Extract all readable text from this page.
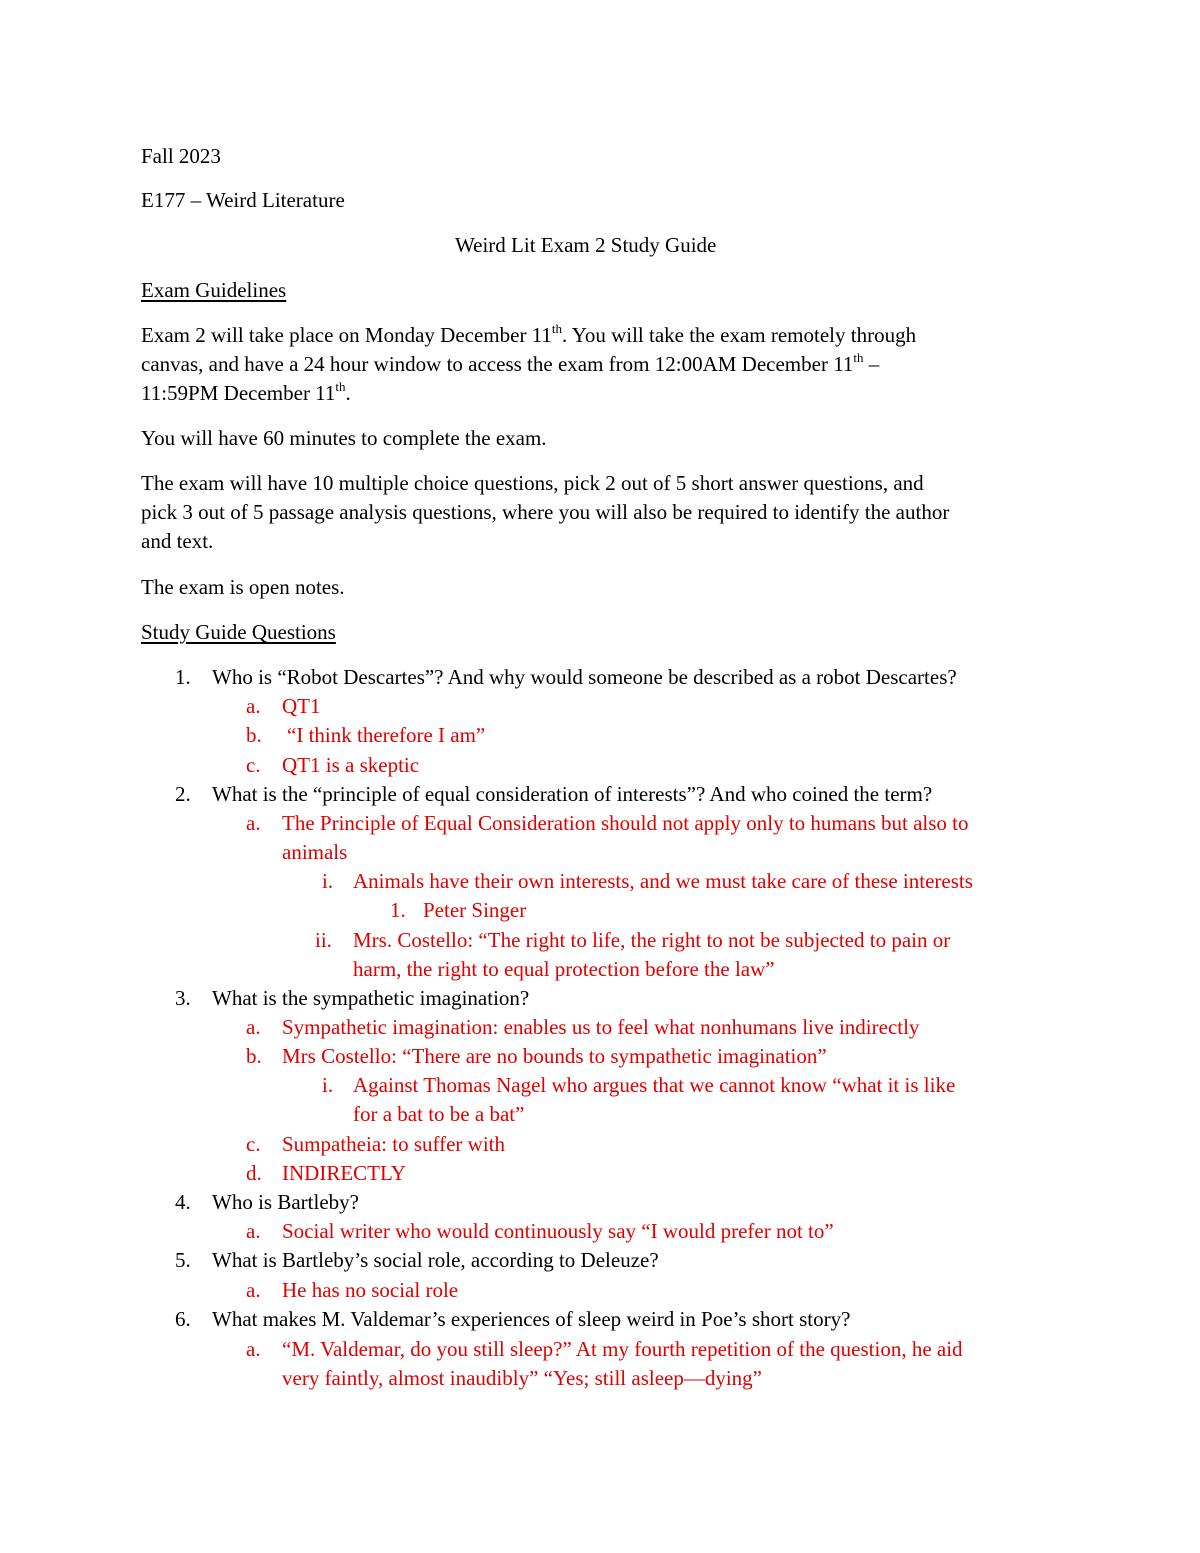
Fall 2023
E177 – Weird Literature
Weird Lit Exam 2 Study Guide
Exam Guidelines
Exam 2 will take place on Monday December 11th. You will take the exam remotely through
canvas, and have a 24 hour window to access the exam from 12:00AM December 11th –
11:59PM December 11th.
You will have 60 minutes to complete the exam.
The exam will have 10 multiple choice questions, pick 2 out of 5 short answer questions, and
pick 3 out of 5 passage analysis questions, where you will also be required to identify the author
and text.
The exam is open notes.
Study Guide Questions
1. Who is “Robot Descartes”? And why would someone be described as a robot Descartes?
a. QT1
b. “I think therefore I am”
c. QT1 is a skeptic
2. What is the “principle of equal consideration of interests”? And who coined the term?
a. The Principle of Equal Consideration should not apply only to humans but also to
animals
i. Animals have their own interests, and we must take care of these interests
1. Peter Singer
ii. Mrs. Costello: “The right to life, the right to not be subjected to pain or
harm, the right to equal protection before the law”
3. What is the sympathetic imagination?
a. Sympathetic imagination: enables us to feel what nonhumans live indirectly
b. Mrs Costello: “There are no bounds to sympathetic imagination”
i. Against Thomas Nagel who argues that we cannot know “what it is like
for a bat to be a bat”
c. Sumpatheia: to suffer with
d. INDIRECTLY
4. Who is Bartleby?
a. Social writer who would continuously say “I would prefer not to”
5. What is Bartleby’s social role, according to Deleuze?
a. He has no social role
6. What makes M. Valdemar’s experiences of sleep weird in Poe’s short story?
a. “M. Valdemar, do you still sleep?” At my fourth repetition of the question, he aid
very faintly, almost inaudibly” “Yes; still asleep—dying”
